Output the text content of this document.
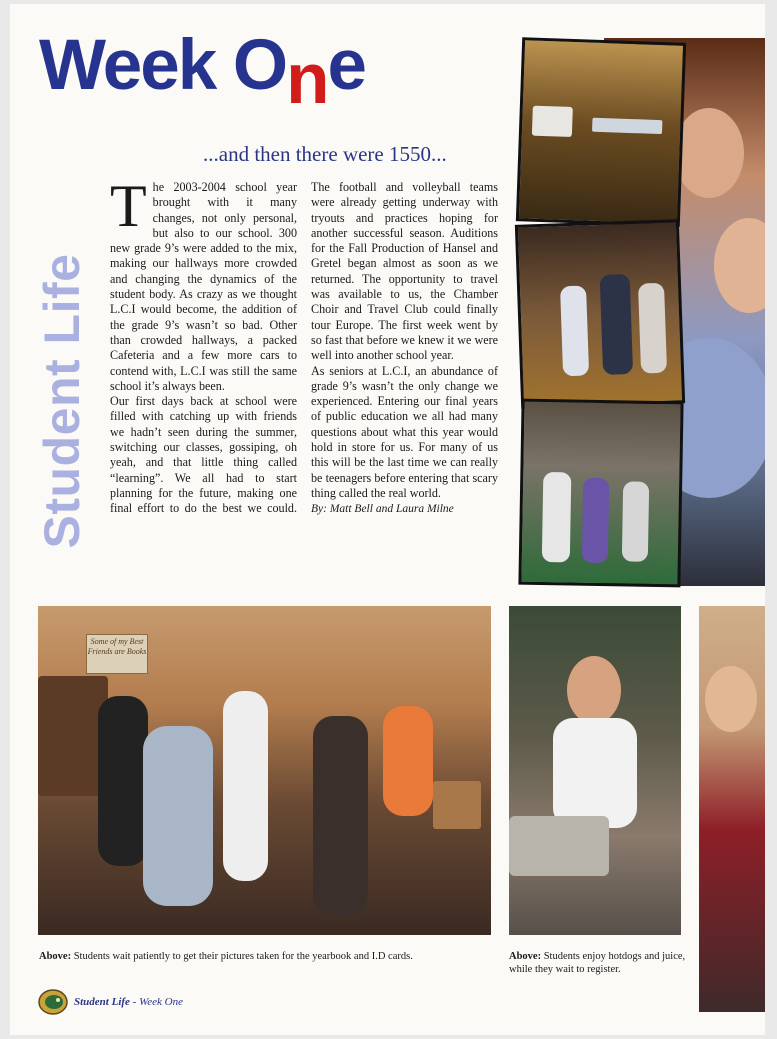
Week One
...and then there were 1550...
Student Life

The 2003-2004 school year brought with it many changes, not only personal, but also to our school. 300 new grade 9’s were added to the mix, making our hallways more crowded and changing the dynamics of the student body. As crazy as we thought L.C.I would become, the addition of the grade 9’s wasn’t so bad. Other than crowded hallways, a packed Cafeteria and a few more cars to contend with, L.C.I was still the same school it’s always been.

Our first days back at school were filled with catching up with friends we hadn’t seen during the summer, switching our classes, gossiping, oh yeah, and that little thing called “learning”. We all had to start planning for the future, making one final effort to do the best we could. The football and volleyball teams were already getting underway with tryouts and practices hoping for another successful season. Auditions for the Fall Production of Hansel and Gretel began almost as soon as we returned. The opportunity to travel was available to us, the Chamber Choir and Travel Club could finally tour Europe. The first week went by so fast that before we knew it we were well into another school year.

As seniors at L.C.I, an abundance of grade 9’s wasn’t the only change we experienced. Entering our final years of public education we all had many questions about what this year would hold in store for us. For many of us this will be the last time we can really be teenagers before entering that scary thing called the real world.

By: Matt Bell and Laura Milne

Some of my Best Friends are Books
Above: Students wait patiently to get their pictures taken for the yearbook and I.D cards.	Above: Students enjoy hotdogs and juice, while they wait to register.
Student Life - Week One
